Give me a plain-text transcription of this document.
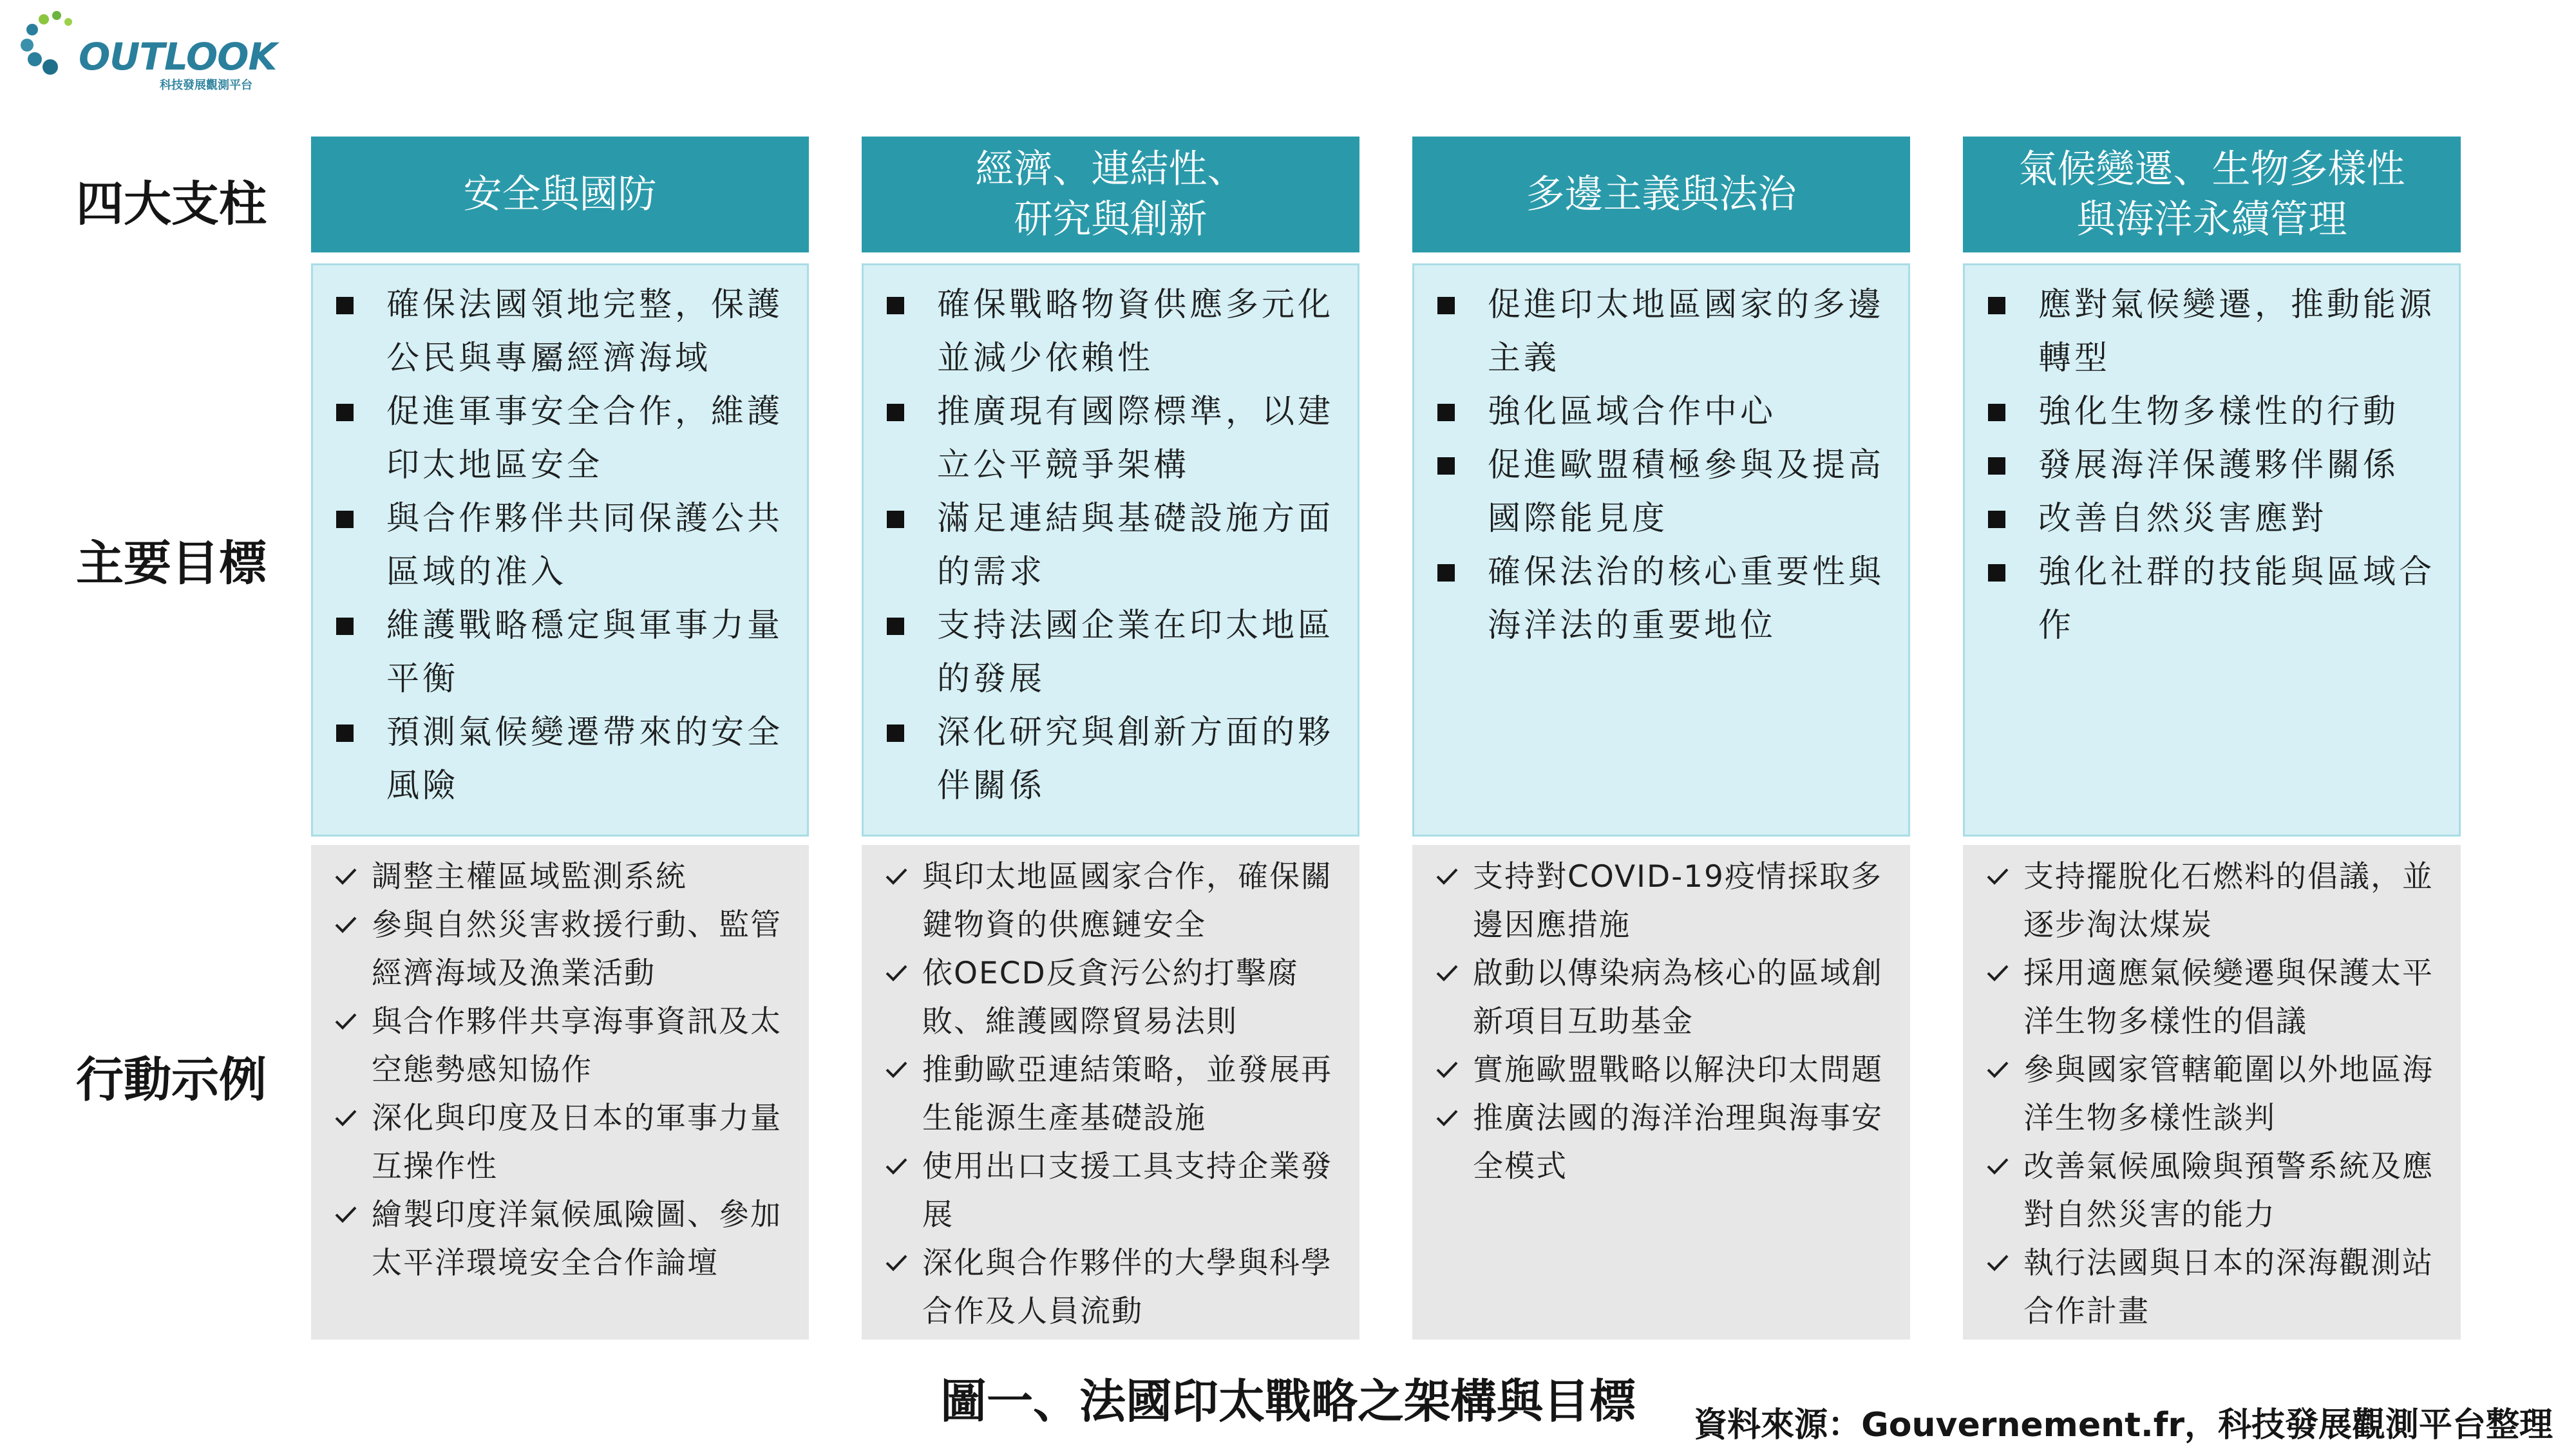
OUTLOOK
科技發展觀測平台
四大支柱
主要目標
行動示例
安全與國防
確保法國領地完整，保護公民與專屬經濟海域
促進軍事安全合作，維護印太地區安全
與合作夥伴共同保護公共區域的准入
維護戰略穩定與軍事力量平衡
預測氣候變遷帶來的安全風險
調整主權區域監測系統
參與自然災害救援行動、監管經濟海域及漁業活動
與合作夥伴共享海事資訊及太空態勢感知協作
深化與印度及日本的軍事力量互操作性
繪製印度洋氣候風險圖、參加太平洋環境安全合作論壇
經濟、連結性、
研究與創新
確保戰略物資供應多元化並減少依賴性
推廣現有國際標準，以建立公平競爭架構
滿足連結與基礎設施方面的需求
支持法國企業在印太地區的發展
深化研究與創新方面的夥伴關係
與印太地區國家合作，確保關鍵物資的供應鏈安全
依OECD反貪污公約打擊腐敗、維護國際貿易法則
推動歐亞連結策略，並發展再生能源生產基礎設施
使用出口支援工具支持企業發展
深化與合作夥伴的大學與科學合作及人員流動
多邊主義與法治
促進印太地區國家的多邊主義
強化區域合作中心
促進歐盟積極參與及提高國際能見度
確保法治的核心重要性與海洋法的重要地位
支持對COVID-19疫情採取多邊因應措施
啟動以傳染病為核心的區域創新項目互助基金
實施歐盟戰略以解決印太問題
推廣法國的海洋治理與海事安全模式
氣候變遷、生物多樣性
與海洋永續管理
應對氣候變遷，推動能源轉型
強化生物多樣性的行動
發展海洋保護夥伴關係
改善自然災害應對
強化社群的技能與區域合作
支持擺脫化石燃料的倡議，並逐步淘汰煤炭
採用適應氣候變遷與保護太平洋生物多樣性的倡議
參與國家管轄範圍以外地區海洋生物多樣性談判
改善氣候風險與預警系統及應對自然災害的能力
執行法國與日本的深海觀測站合作計畫
圖一、法國印太戰略之架構與目標	資料來源：Gouvernement.fr，科技發展觀測平台整理
